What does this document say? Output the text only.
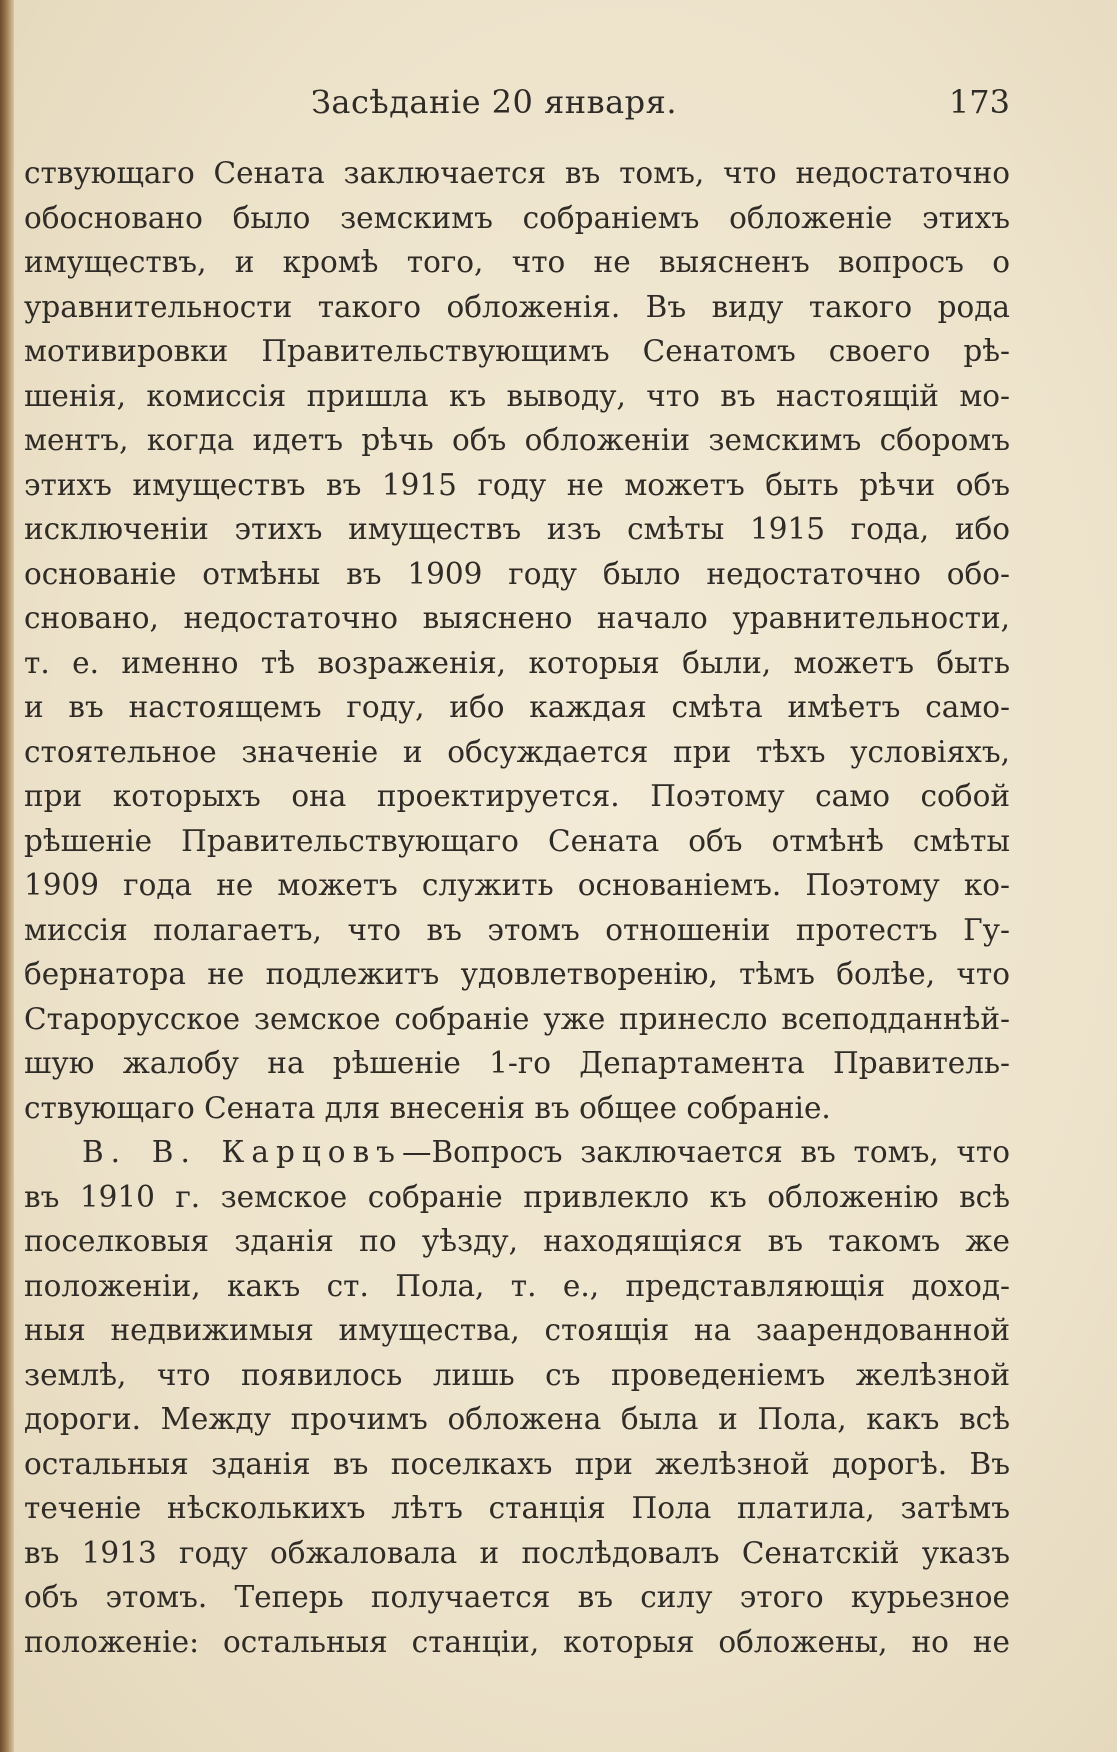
Засѣданіе 20 января.	173
ствующаго Сената заключается въ томъ, что недостаточно
обосновано было земскимъ собраніемъ обложеніе этихъ
имуществъ, и кромѣ того, что не выясненъ вопросъ о
уравнительности такого обложенія. Въ виду такого рода
мотивировки Правительствующимъ Сенатомъ своего рѣ-
шенія, комиссія пришла къ выводу, что въ настоящій мо-
ментъ, когда идетъ рѣчь объ обложеніи земскимъ сборомъ
этихъ имуществъ въ 1915 году не можетъ быть рѣчи объ
исключеніи этихъ имуществъ изъ смѣты 1915 года, ибо
основаніе отмѣны въ 1909 году было недостаточно обо-
сновано, недостаточно выяснено начало уравнительности,
т. е. именно тѣ возраженія, которыя были, можетъ быть
и въ настоящемъ году, ибо каждая смѣта имѣетъ само-
стоятельное значеніе и обсуждается при тѣхъ условіяхъ,
при которыхъ она проектируется. Поэтому само собой
рѣшеніе Правительствующаго Сената объ отмѣнѣ смѣты
1909 года не можетъ служить основаніемъ. Поэтому ко-
миссія полагаетъ, что въ этомъ отношеніи протестъ Гу-
бернатора не подлежитъ удовлетворенію, тѣмъ болѣе, что
Старорусское земское собраніе уже принесло всеподданнѣй-
шую жалобу на рѣшеніе 1-го Департамента Правитель-
ствующаго Сената для внесенія въ общее собраніе.
В. В. Карцовъ—Вопросъ заключается въ томъ, что
въ 1910 г. земское собраніе привлекло къ обложенію всѣ
поселковыя зданія по уѣзду, находящіяся въ такомъ же
положеніи, какъ ст. Пола, т. е., представляющія доход-
ныя недвижимыя имущества, стоящія на заарендованной
землѣ, что появилось лишь съ проведеніемъ желѣзной
дороги. Между прочимъ обложена была и Пола, какъ всѣ
остальныя зданія въ поселкахъ при желѣзной дорогѣ. Въ
теченіе нѣсколькихъ лѣтъ станція Пола платила, затѣмъ
въ 1913 году обжаловала и послѣдовалъ Сенатскій указъ
объ этомъ. Теперь получается въ силу этого курьезное
положеніе: остальныя станціи, которыя обложены, но не
